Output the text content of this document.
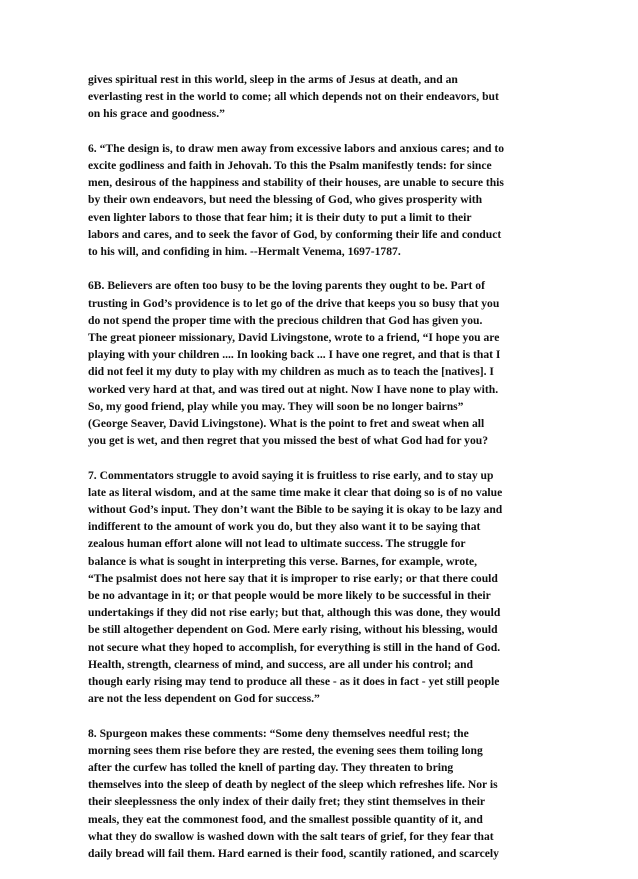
gives spiritual rest in this world, sleep in the arms of Jesus at death, and an
everlasting rest in the world to come; all which depends not on their endeavors, but
on his grace and goodness.”

6. “The design is, to draw men away from excessive labors and anxious cares; and to
excite godliness and faith in Jehovah. To this the Psalm manifestly tends: for since
men, desirous of the happiness and stability of their houses, are unable to secure this
by their own endeavors, but need the blessing of God, who gives prosperity with
even lighter labors to those that fear him; it is their duty to put a limit to their
labors and cares, and to seek the favor of God, by conforming their life and conduct
to his will, and confiding in him. --Hermalt Venema, 1697-1787.

6B. Believers are often too busy to be the loving parents they ought to be. Part of
trusting in God’s providence is to let go of the drive that keeps you so busy that you
do not spend the proper time with the precious children that God has given you.
The great pioneer missionary, David Livingstone, wrote to a friend, “I hope you are
playing with your children .... In looking back ... I have one regret, and that is that I
did not feel it my duty to play with my children as much as to teach the [natives]. I
worked very hard at that, and was tired out at night. Now I have none to play with.
So, my good friend, play while you may. They will soon be no longer bairns”
(George Seaver, David Livingstone). What is the point to fret and sweat when all
you get is wet, and then regret that you missed the best of what God had for you?

7. Commentators struggle to avoid saying it is fruitless to rise early, and to stay up
late as literal wisdom, and at the same time make it clear that doing so is of no value
without God’s input. They don’t want the Bible to be saying it is okay to be lazy and
indifferent to the amount of work you do, but they also want it to be saying that
zealous human effort alone will not lead to ultimate success. The struggle for
balance is what is sought in interpreting this verse. Barnes, for example, wrote,
“The psalmist does not here say that it is improper to rise early; or that there could
be no advantage in it; or that people would be more likely to be successful in their
undertakings if they did not rise early; but that, although this was done, they would
be still altogether dependent on God. Mere early rising, without his blessing, would
not secure what they hoped to accomplish, for everything is still in the hand of God.
Health, strength, clearness of mind, and success, are all under his control; and
though early rising may tend to produce all these - as it does in fact - yet still people
are not the less dependent on God for success.”

8. Spurgeon makes these comments: “Some deny themselves needful rest; the
morning sees them rise before they are rested, the evening sees them toiling long
after the curfew has tolled the knell of parting day. They threaten to bring
themselves into the sleep of death by neglect of the sleep which refreshes life. Nor is
their sleeplessness the only index of their daily fret; they stint themselves in their
meals, they eat the commonest food, and the smallest possible quantity of it, and
what they do swallow is washed down with the salt tears of grief, for they fear that
daily bread will fail them. Hard earned is their food, scantily rationed, and scarcely
